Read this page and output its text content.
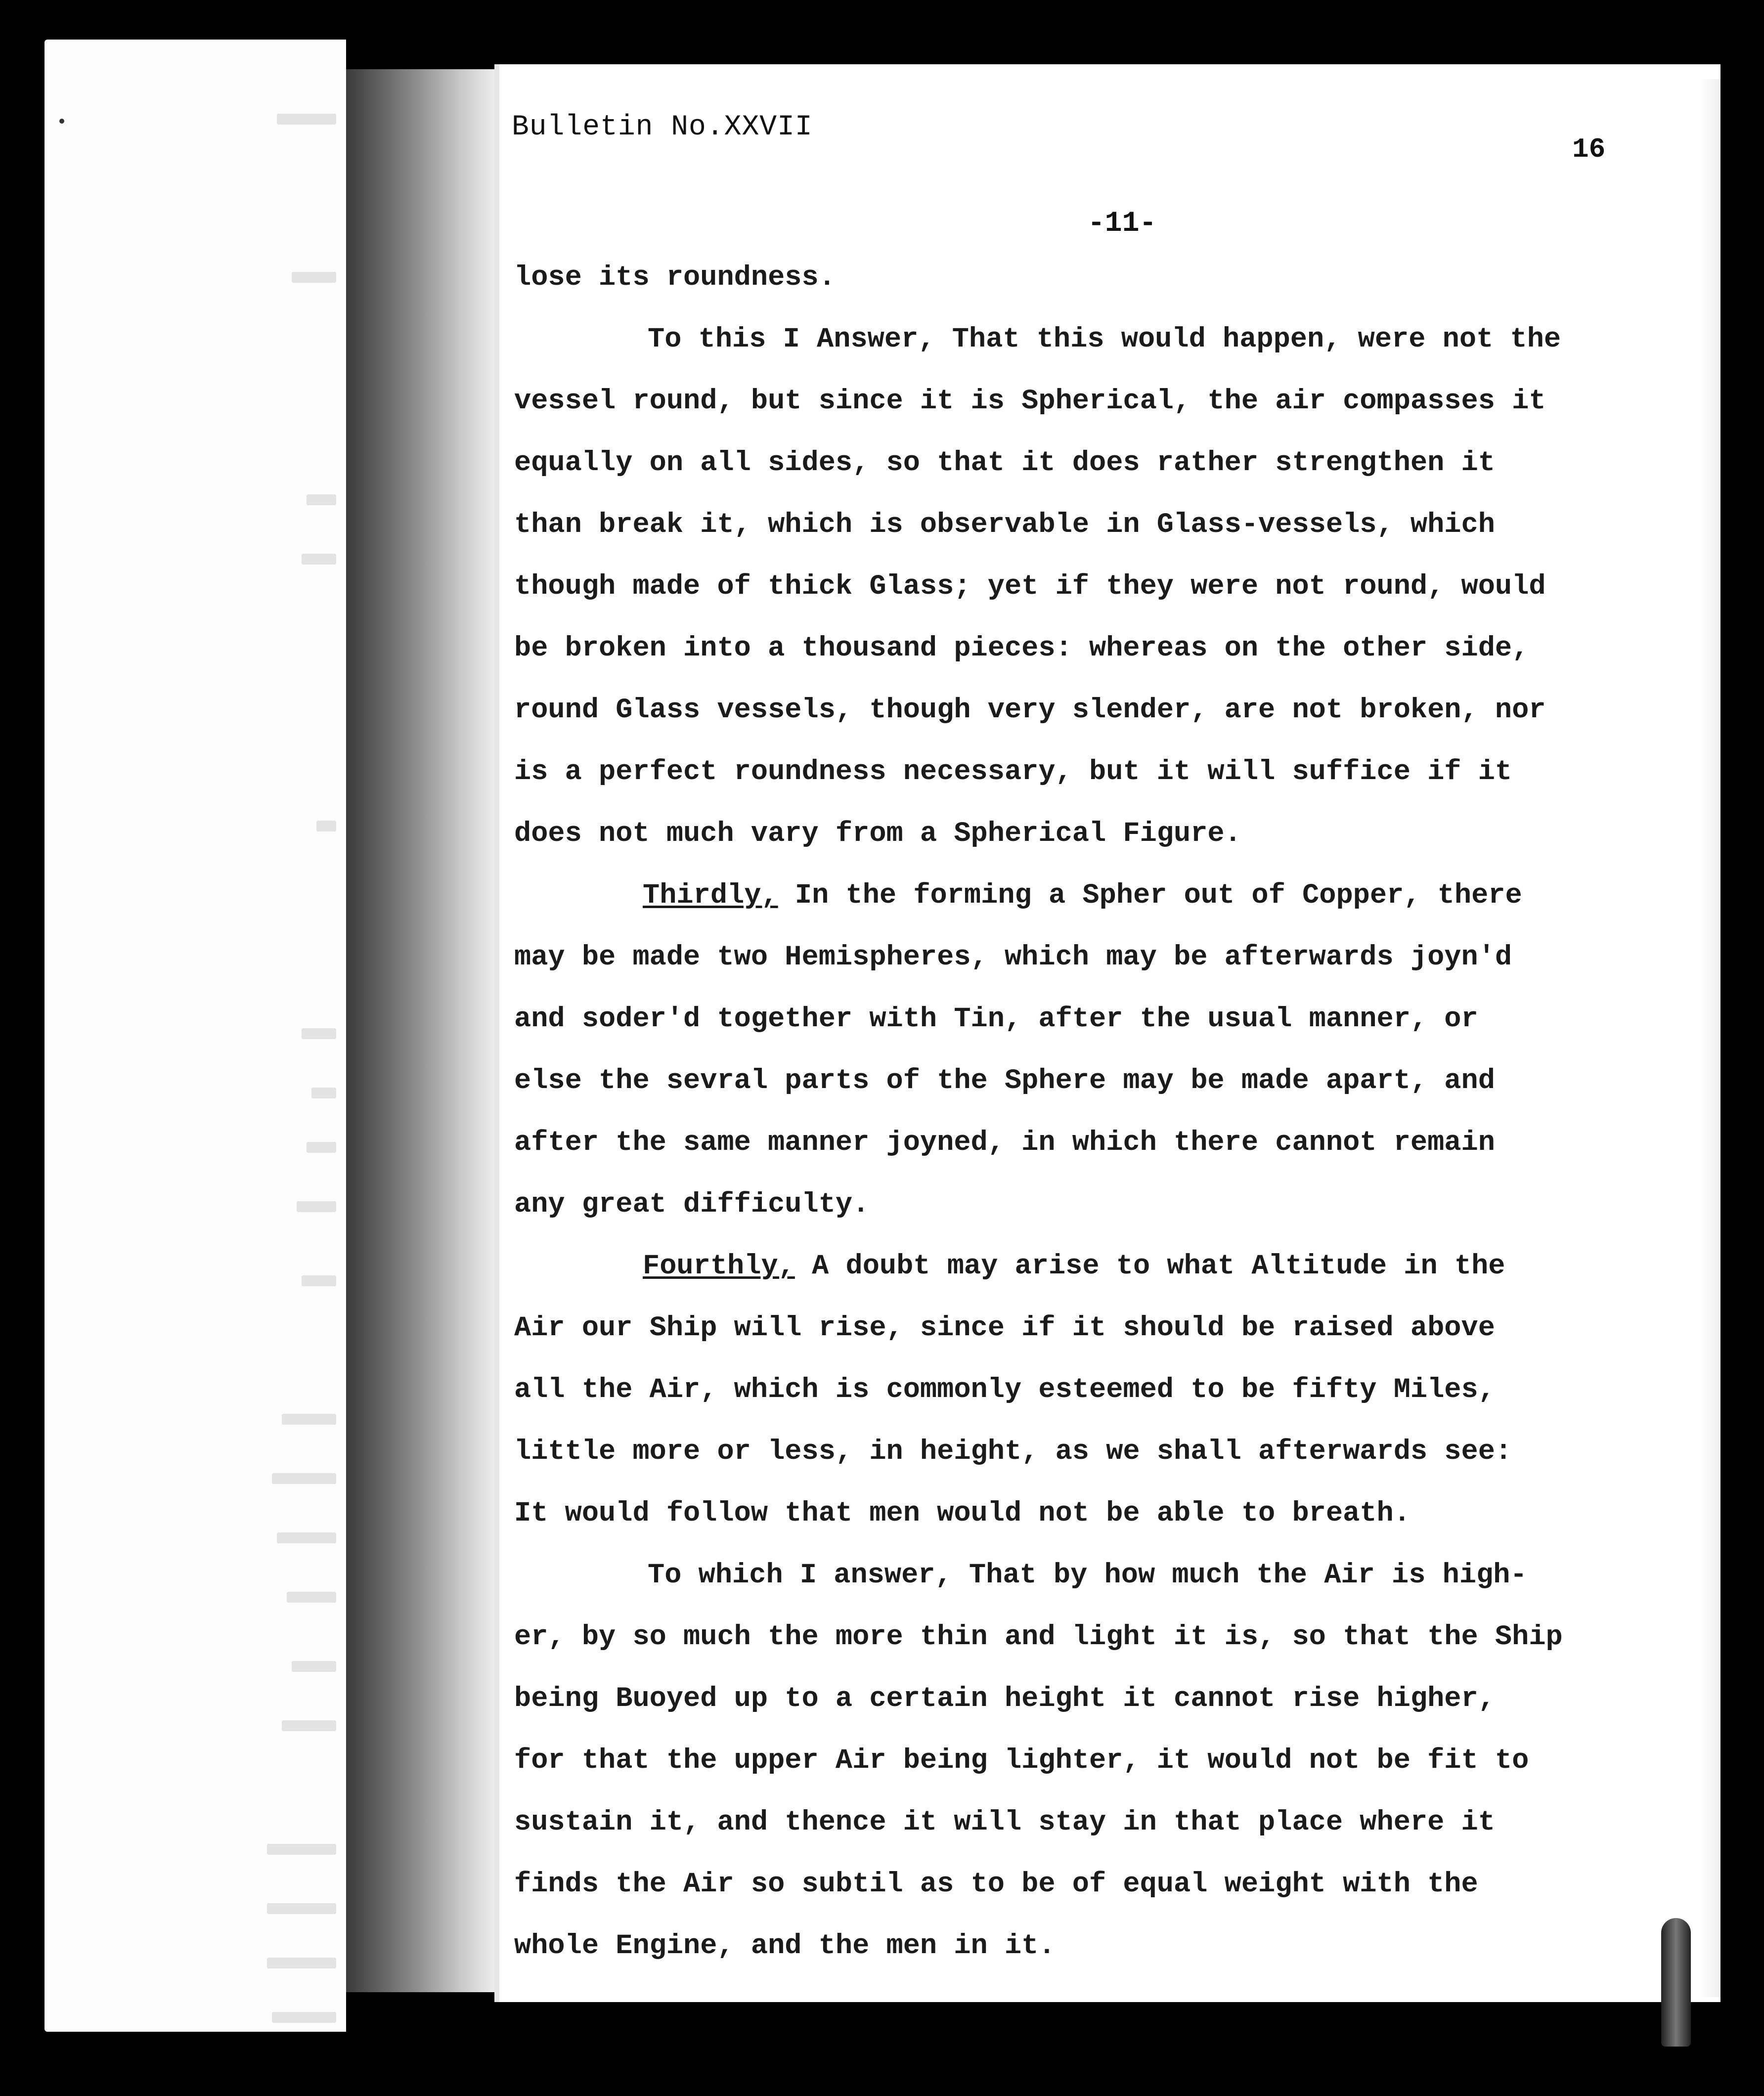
Bulletin No.XXVII
16
-11-
lose its roundness.
To this I Answer, That this would happen, were not the
vessel round, but since it is Spherical, the air compasses it
equally on all sides, so that it does rather strengthen it
than break it, which is observable in Glass-vessels, which
though made of thick Glass; yet if they were not round, would
be broken into a thousand pieces: whereas on the other side,
round Glass vessels, though very slender, are not broken, nor
is a perfect roundness necessary, but it will suffice if it
does not much vary from a Spherical Figure.
Thirdly, In the forming a Spher out of Copper, there
may be made two Hemispheres, which may be afterwards joyn'd
and soder'd together with Tin, after the usual manner, or
else the sevral parts of the Sphere may be made apart, and
after the same manner joyned, in which there cannot remain
any great difficulty.
Fourthly, A doubt may arise to what Altitude in the
Air our Ship will rise, since if it should be raised above
all the Air, which is commonly esteemed to be fifty Miles,
little more or less, in height, as we shall afterwards see:
It would follow that men would not be able to breath.
To which I answer, That by how much the Air is high-
er, by so much the more thin and light it is, so that the Ship
being Buoyed up to a certain height it cannot rise higher,
for that the upper Air being lighter, it would not be fit to
sustain it, and thence it will stay in that place where it
finds the Air so subtil as to be of equal weight with the
whole Engine, and the men in it.
